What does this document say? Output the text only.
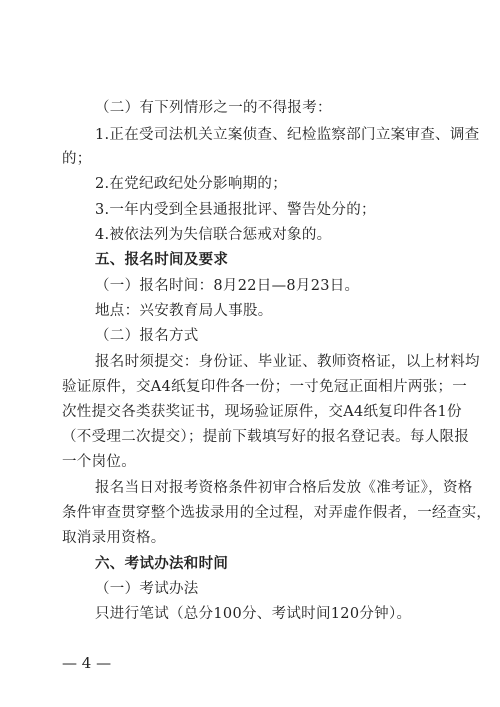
（二）有下列情形之一的不得报考：
1.正在受司法机关立案侦查、纪检监察部门立案审查、调查
的；
2.在党纪政纪处分影响期的；
3.一年内受到全县通报批评、警告处分的；
4.被依法列为失信联合惩戒对象的。
五、报名时间及要求
（一）报名时间：8月22日—8月23日。
地点：兴安教育局人事股。
（二）报名方式
报名时须提交：身份证、毕业证、教师资格证，以上材料均
验证原件，交A4纸复印件各一份；一寸免冠正面相片两张；一
次性提交各类获奖证书，现场验证原件，交A4纸复印件各1份
（不受理二次提交）；提前下载填写好的报名登记表。每人限报
一个岗位。
报名当日对报考资格条件初审合格后发放《准考证》，资格
条件审查贯穿整个选拔录用的全过程，对弄虚作假者，一经查实，
取消录用资格。
六、考试办法和时间
（一）考试办法
只进行笔试（总分100分、考试时间120分钟）。
— 4 —
